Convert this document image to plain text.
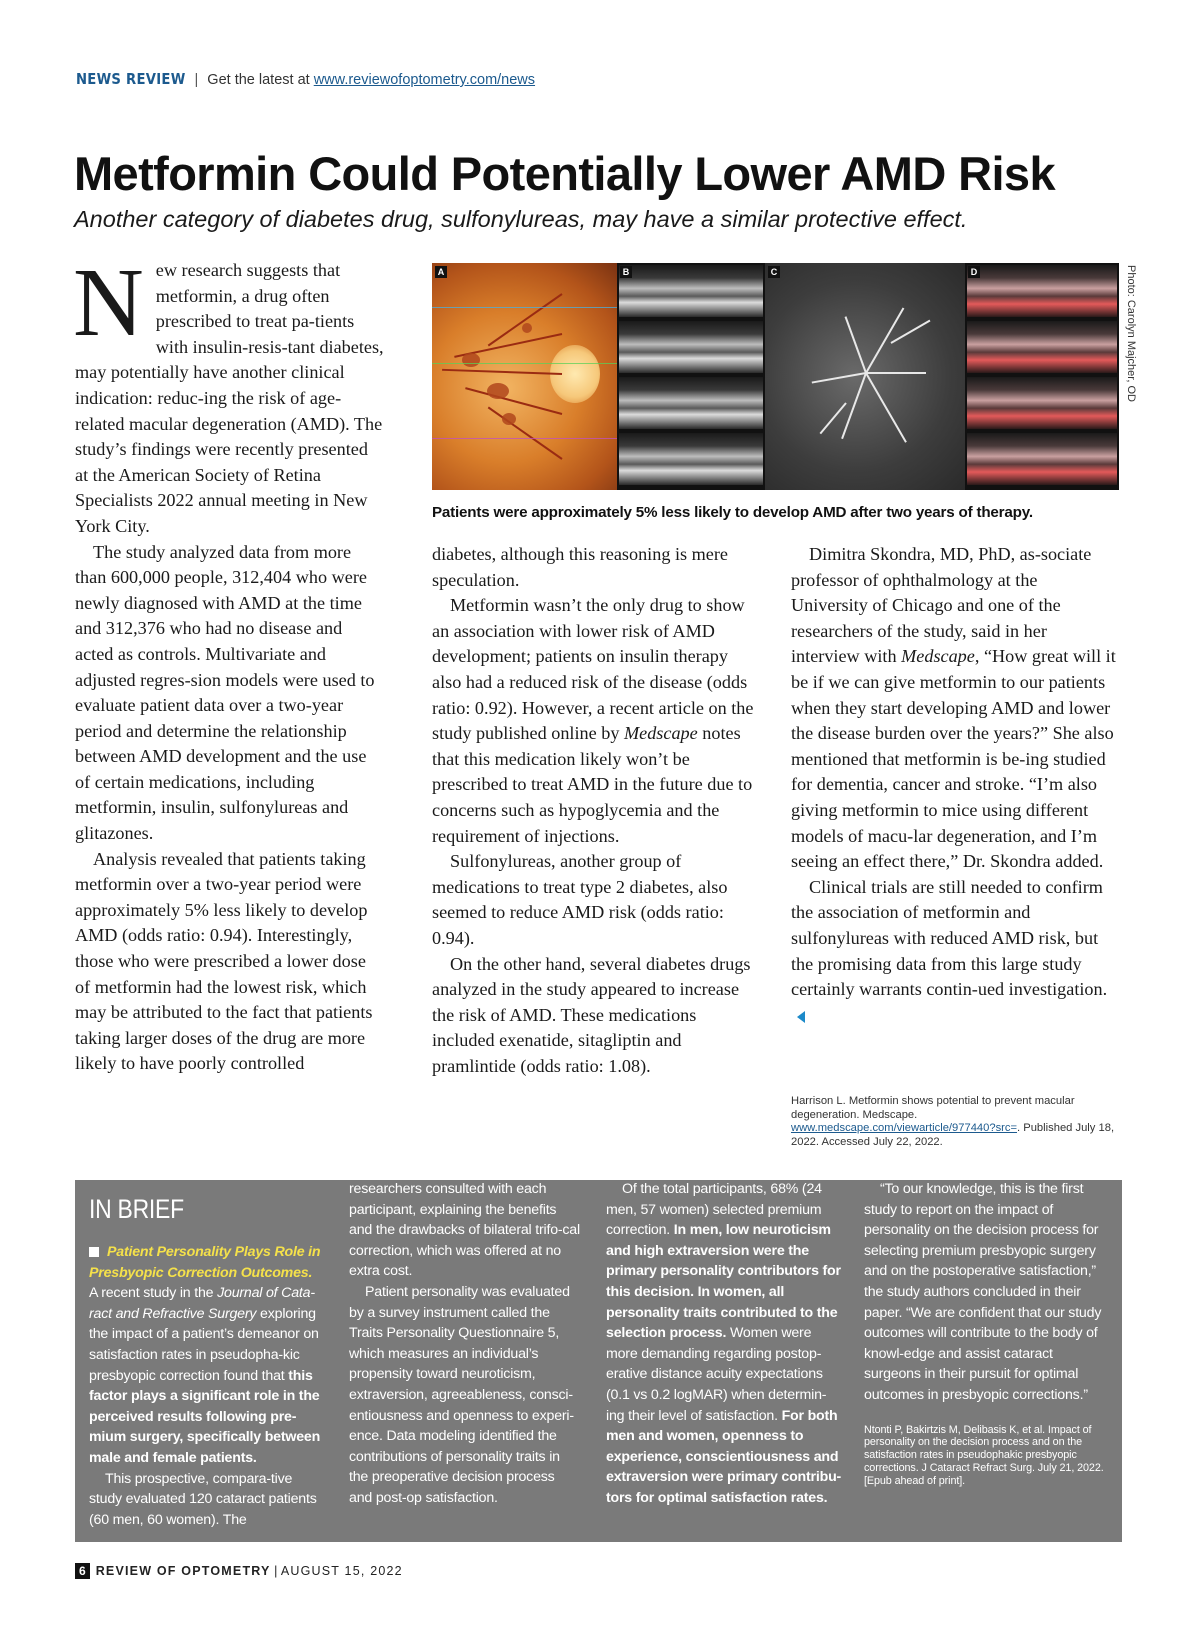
NEWS REVIEW | Get the latest at www.reviewofoptometry.com/news
Metformin Could Potentially Lower AMD Risk
Another category of diabetes drug, sulfonylureas, may have a similar protective effect.
N ew research suggests that metformin, a drug often prescribed to treat pa-tients with insulin-resis-tant diabetes, may potentially have another clinical indication: reduc-ing the risk of age-related macular degeneration (AMD). The study’s findings were recently presented at the American Society of Retina Specialists 2022 annual meeting in New York City.

The study analyzed data from more than 600,000 people, 312,404 who were newly diagnosed with AMD at the time and 312,376 who had no disease and acted as controls. Multivariate and adjusted regres-sion models were used to evaluate patient data over a two-year period and determine the relationship between AMD development and the use of certain medications, including metformin, insulin, sulfonylureas and glitazones.

Analysis revealed that patients taking metformin over a two-year period were approximately 5% less likely to develop AMD (odds ratio: 0.94). Interestingly, those who were prescribed a lower dose of metformin had the lowest risk, which may be attributed to the fact that patients taking larger doses of the drug are more likely to have poorly controlled

A	B	C	D	Photo: Carolyn Majcher, OD
Patients were approximately 5% less likely to develop AMD after two years of therapy.

diabetes, although this reasoning is mere speculation.

Metformin wasn’t the only drug to show an association with lower risk of AMD development; patients on insulin therapy also had a reduced risk of the disease (odds ratio: 0.92). However, a recent article on the study published online by Medscape notes that this medication likely won’t be prescribed to treat AMD in the future due to concerns such as hypoglycemia and the requirement of injections.

Sulfonylureas, another group of medications to treat type 2 diabetes, also seemed to reduce AMD risk (odds ratio: 0.94).

On the other hand, several diabetes drugs analyzed in the study appeared to increase the risk of AMD. These medications included exenatide, sitagliptin and pramlintide (odds ratio: 1.08).

Dimitra Skondra, MD, PhD, as-sociate professor of ophthalmology at the University of Chicago and one of the researchers of the study, said in her interview with Medscape, “How great will it be if we can give metformin to our patients when they start developing AMD and lower the disease burden over the years?” She also mentioned that metformin is be-ing studied for dementia, cancer and stroke. “I’m also giving metformin to mice using different models of macu-lar degeneration, and I’m seeing an effect there,” Dr. Skondra added.

Clinical trials are still needed to confirm the association of metformin and sulfonylureas with reduced AMD risk, but the promising data from this large study certainly warrants contin-ued investigation.

Harrison L. Metformin shows potential to prevent macular degeneration. Medscape. www.medscape.com/viewarticle/977440?src=. Published July 18, 2022. Accessed July 22, 2022.
IN BRIEF

Patient Personality Plays Role in Presbyopic Correction Outcomes.

A recent study in the Journal of Cata-ract and Refractive Surgery exploring the impact of a patient’s demeanor on satisfaction rates in pseudopha-kic presbyopic correction found that this factor plays a significant role in the perceived results following pre-mium surgery, specifically between male and female patients.

This prospective, compara-tive study evaluated 120 cataract patients (60 men, 60 women). The

researchers consulted with each participant, explaining the benefits and the drawbacks of bilateral trifo-cal correction, which was offered at no extra cost.

Patient personality was evaluated by a survey instrument called the Traits Personality Questionnaire 5, which measures an individual’s propensity toward neuroticism, extraversion, agreeableness, consci-entiousness and openness to experi-ence. Data modeling identified the contributions of personality traits in the preoperative decision process and post-op satisfaction.

Of the total participants, 68% (24 men, 57 women) selected premium correction. In men, low neuroticism and high extraversion were the primary personality contributors for this decision. In women, all personality traits contributed to the selection process. Women were more demanding regarding postop-erative distance acuity expectations (0.1 vs 0.2 logMAR) when determin-ing their level of satisfaction. For both men and women, openness to experience, conscientiousness and extraversion were primary contribu-tors for optimal satisfaction rates.

“To our knowledge, this is the first study to report on the impact of personality on the decision process for selecting premium presbyopic surgery and on the postoperative satisfaction,” the study authors concluded in their paper. “We are confident that our study outcomes will contribute to the body of knowl-edge and assist cataract surgeons in their pursuit for optimal outcomes in presbyopic corrections.”

Ntonti P, Bakirtzis M, Delibasis K, et al. Impact of personality on the decision process and on the satisfaction rates in pseudophakic presbyopic corrections. J Cataract Refract Surg. July 21, 2022. [Epub ahead of print].

6 REVIEW OF OPTOMETRY | AUGUST 15, 2022
